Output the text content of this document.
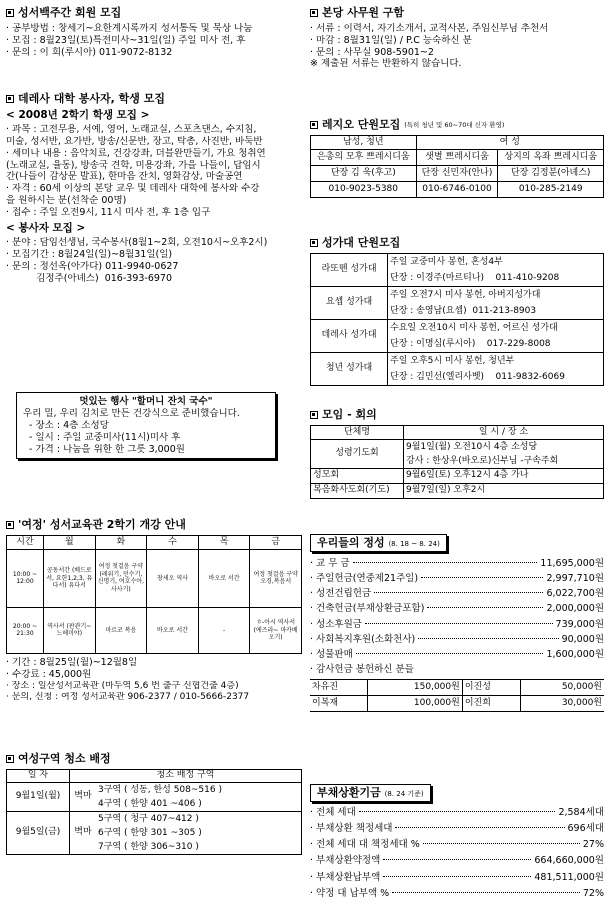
성서백주간 회원 모집
· 공부방법 : 창세기~요한계시록까지 성서통독 및 묵상 나눔
· 모집 : 8월23일(토)특전미사~31일(일) 주일 미사 전, 후
· 문의 : 이 희(루시아) 011-9072-8132
데레사 대학 봉사자, 학생 모집
< 2008년 2학기 학생 모집 >
· 과목 : 고전무용, 서예, 영어, 노래교실, 스포츠댄스, 수지침,
미술, 성서반, 요가반, 방송/신문반, 장고, 탁총, 사진반, 바둑반
· 세미나 내용 : 음악치료, 건강강좌, 더블완만들기, 가요 청취연
(노래교실, 율동), 방송국 견학, 미용강좌, 가을 나들이, 답임시
간(나들이 감상문 발표), 한마음 잔치, 영화감상, 마술공연
· 자격 : 60세 이상의 본당 교우 및 데레사 대학에 봉사와 수강
을 원하시는 분(선착순 00명)
· 접수 : 주일 오전9시, 11시 미사 전, 후 1층 입구
< 봉사자 모집 >
· 분야 : 담임선생님, 국수봉사(8월1~2회, 오전10시~오후2시)
· 모집기간 : 8월24일(일)~8월31일(일)
· 문의 : 정선옥(아가다) 011-9940-0627
김정주(아녜스)  016-393-6970
멋있는 행사 "할머니 잔치 국수"
우리 밀, 우리 김치로 만든 건강식으로 준비했습니다.
- 장소 : 4층 소성당
- 일시 : 주일 교중미사(11시)미사 후
- 가격 : 나눔을 위한 한 그릇 3,000원
'여정' 성서교육관 2학기 개강 안내
시간	월	화	수	목	금
10:00 ~ 12:00	공동서간 (베드로서, 요한1,2,3, 유다서) 유다서	여정 첫걸음 구약 (레위기, 민수기, 신명기, 여호수아, 사사기)	창세오 역사	바오로 서간	여정 첫걸음 구약 오경,복음서
20:00 ~ 21:30	역사서 (판관기~ 느헤미야)	마르코 복음	바오로 서간	-	ㅎ-아시 역사서 (에즈라~ 마카베오기)
· 기간 : 8월25일(월)~12월8일
· 수강료 : 45,000원
· 장소 : 일산성서교육관 (마두역 5,6 번 출구 신협건출 4층)
· 문의, 신청 : 여정 성서교육관 906-2377 / 010-5666-2377
여성구역 청소 배정
일 자	청소 배정 구역	
9월1일(월)	벽마	3구역 ( 성동, 한성 508~516 )
4구역 ( 한양 401 ~406 )

9월5일(금)	벽마	5구역 ( 청구 407~412 )
6구역 ( 한양 301 ~305 )
7구역 ( 한양 306~310 )
본당 사무원 구함
· 서류 : 이력서, 자기소개서, 교적사본, 주임신부님 추천서
· 마감 : 8월31일(일) / P.C 능숙하신 분
· 문의 : 사무실 908-5901~2
※ 제출된 서류는 반환하지 않습니다.
레지오 단원모집 (특히 청년 및 60~70대 신자 환영)
남성, 청년	여 성	
은총의 모후 쁘레시디움	샛별 쁘레시디움	상지의 옥좌 쁘레시디움
단장 김 욱(후고)	단장 신민자(안나)	단장 김정분(아녜스)
010-9023-5380	010-6746-0100	010-285-2149
성가대 단원모집
라또뗀 성가대	주일 교중미사 봉헌, 혼성4부
단장 : 이경주(마르티나)    011-410-9208

요셉 성가대	주일 오전7시 미사 봉헌, 아버지성가대
단장 : 송영남(요셉)  011-213-8903

데레사 성가대	수요일 오전10시 미사 봉헌, 어르신 성가대
단장 : 이명심(루시아)    017-229-8008

청년 성가대	주일 오후5시 미사 봉헌, 청년부
단장 : 김민선(엘리사벳)    011-9832-6069
모임 - 회의
단체명	일 시 / 장 소
성령기도회	9월1일(월) 오전10시 4층 소성당
강사 : 한상우(바오로)신부님 -구속주회

성모회	9월6일(토) 오후12시 4층 가나
복음화사도회(기도)	9월7일(일) 오후2시
우리들의 정성 (8. 18 ~ 8. 24)
· 교 무 금	11,695,000원
· 주일헌금(연중제21주일)	2,997,710원
· 성전건립헌금	6,022,700원
· 건축헌금(부채상환금포함)	2,000,000원
· 성소후원금	739,000원
· 사회복지후원(소화천사)	90,000원
· 성물판매	1,600,000원
· 감사헌금 봉헌하신 분들
차유진	150,000원	이진성	50,000원
이복재	100,000원	이진희	30,000원
부채상환기금 (8. 24 기준)
· 전체 세대	2,584세대
· 부채상환 책정세대	696세대
· 전체 세대 대 책정세대 %	27%
· 부채상환약정액	664,660,000원
· 부채상환납부액	481,511,000원
· 약정 대 납부액 %	72%
